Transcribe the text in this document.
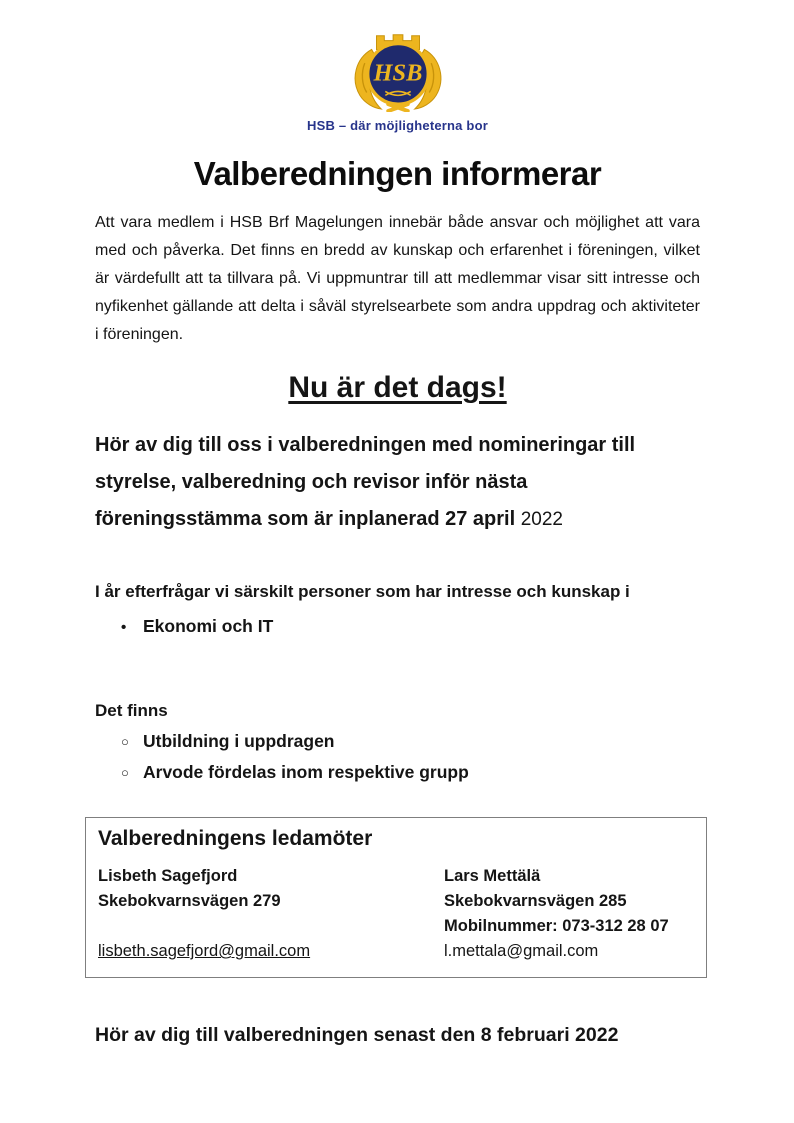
HSB
HSB – där möjligheterna bor
Valberedningen informerar
Att vara medlem i HSB Brf Magelungen innebär både ansvar och möjlighet att vara med och påverka. Det finns en bredd av kunskap och erfarenhet i föreningen, vilket är värdefullt att ta tillvara på. Vi uppmuntrar till att medlemmar visar sitt intresse och nyfikenhet gällande att delta i såväl styrelsearbete som andra uppdrag och aktiviteter i föreningen.
Nu är det dags!
Hör av dig till oss i valberedningen med nomineringar till
styrelse, valberedning och revisor inför nästa
föreningsstämma som är inplanerad 27 april 2022
I år efterfrågar vi särskilt personer som har intresse och kunskap i
• Ekonomi och IT
Det finns
○ Utbildning i uppdragen
○ Arvode fördelas inom respektive grupp
Valberedningens ledamöter
Lisbeth Sagefjord
Skebokvarnsvägen 279
lisbeth.sagefjord@gmail.com
Lars Mettälä
Skebokvarnsvägen 285
Mobilnummer: 073-312 28 07
l.mettala@gmail.com
Hör av dig till valberedningen senast den 8 februari 2022
